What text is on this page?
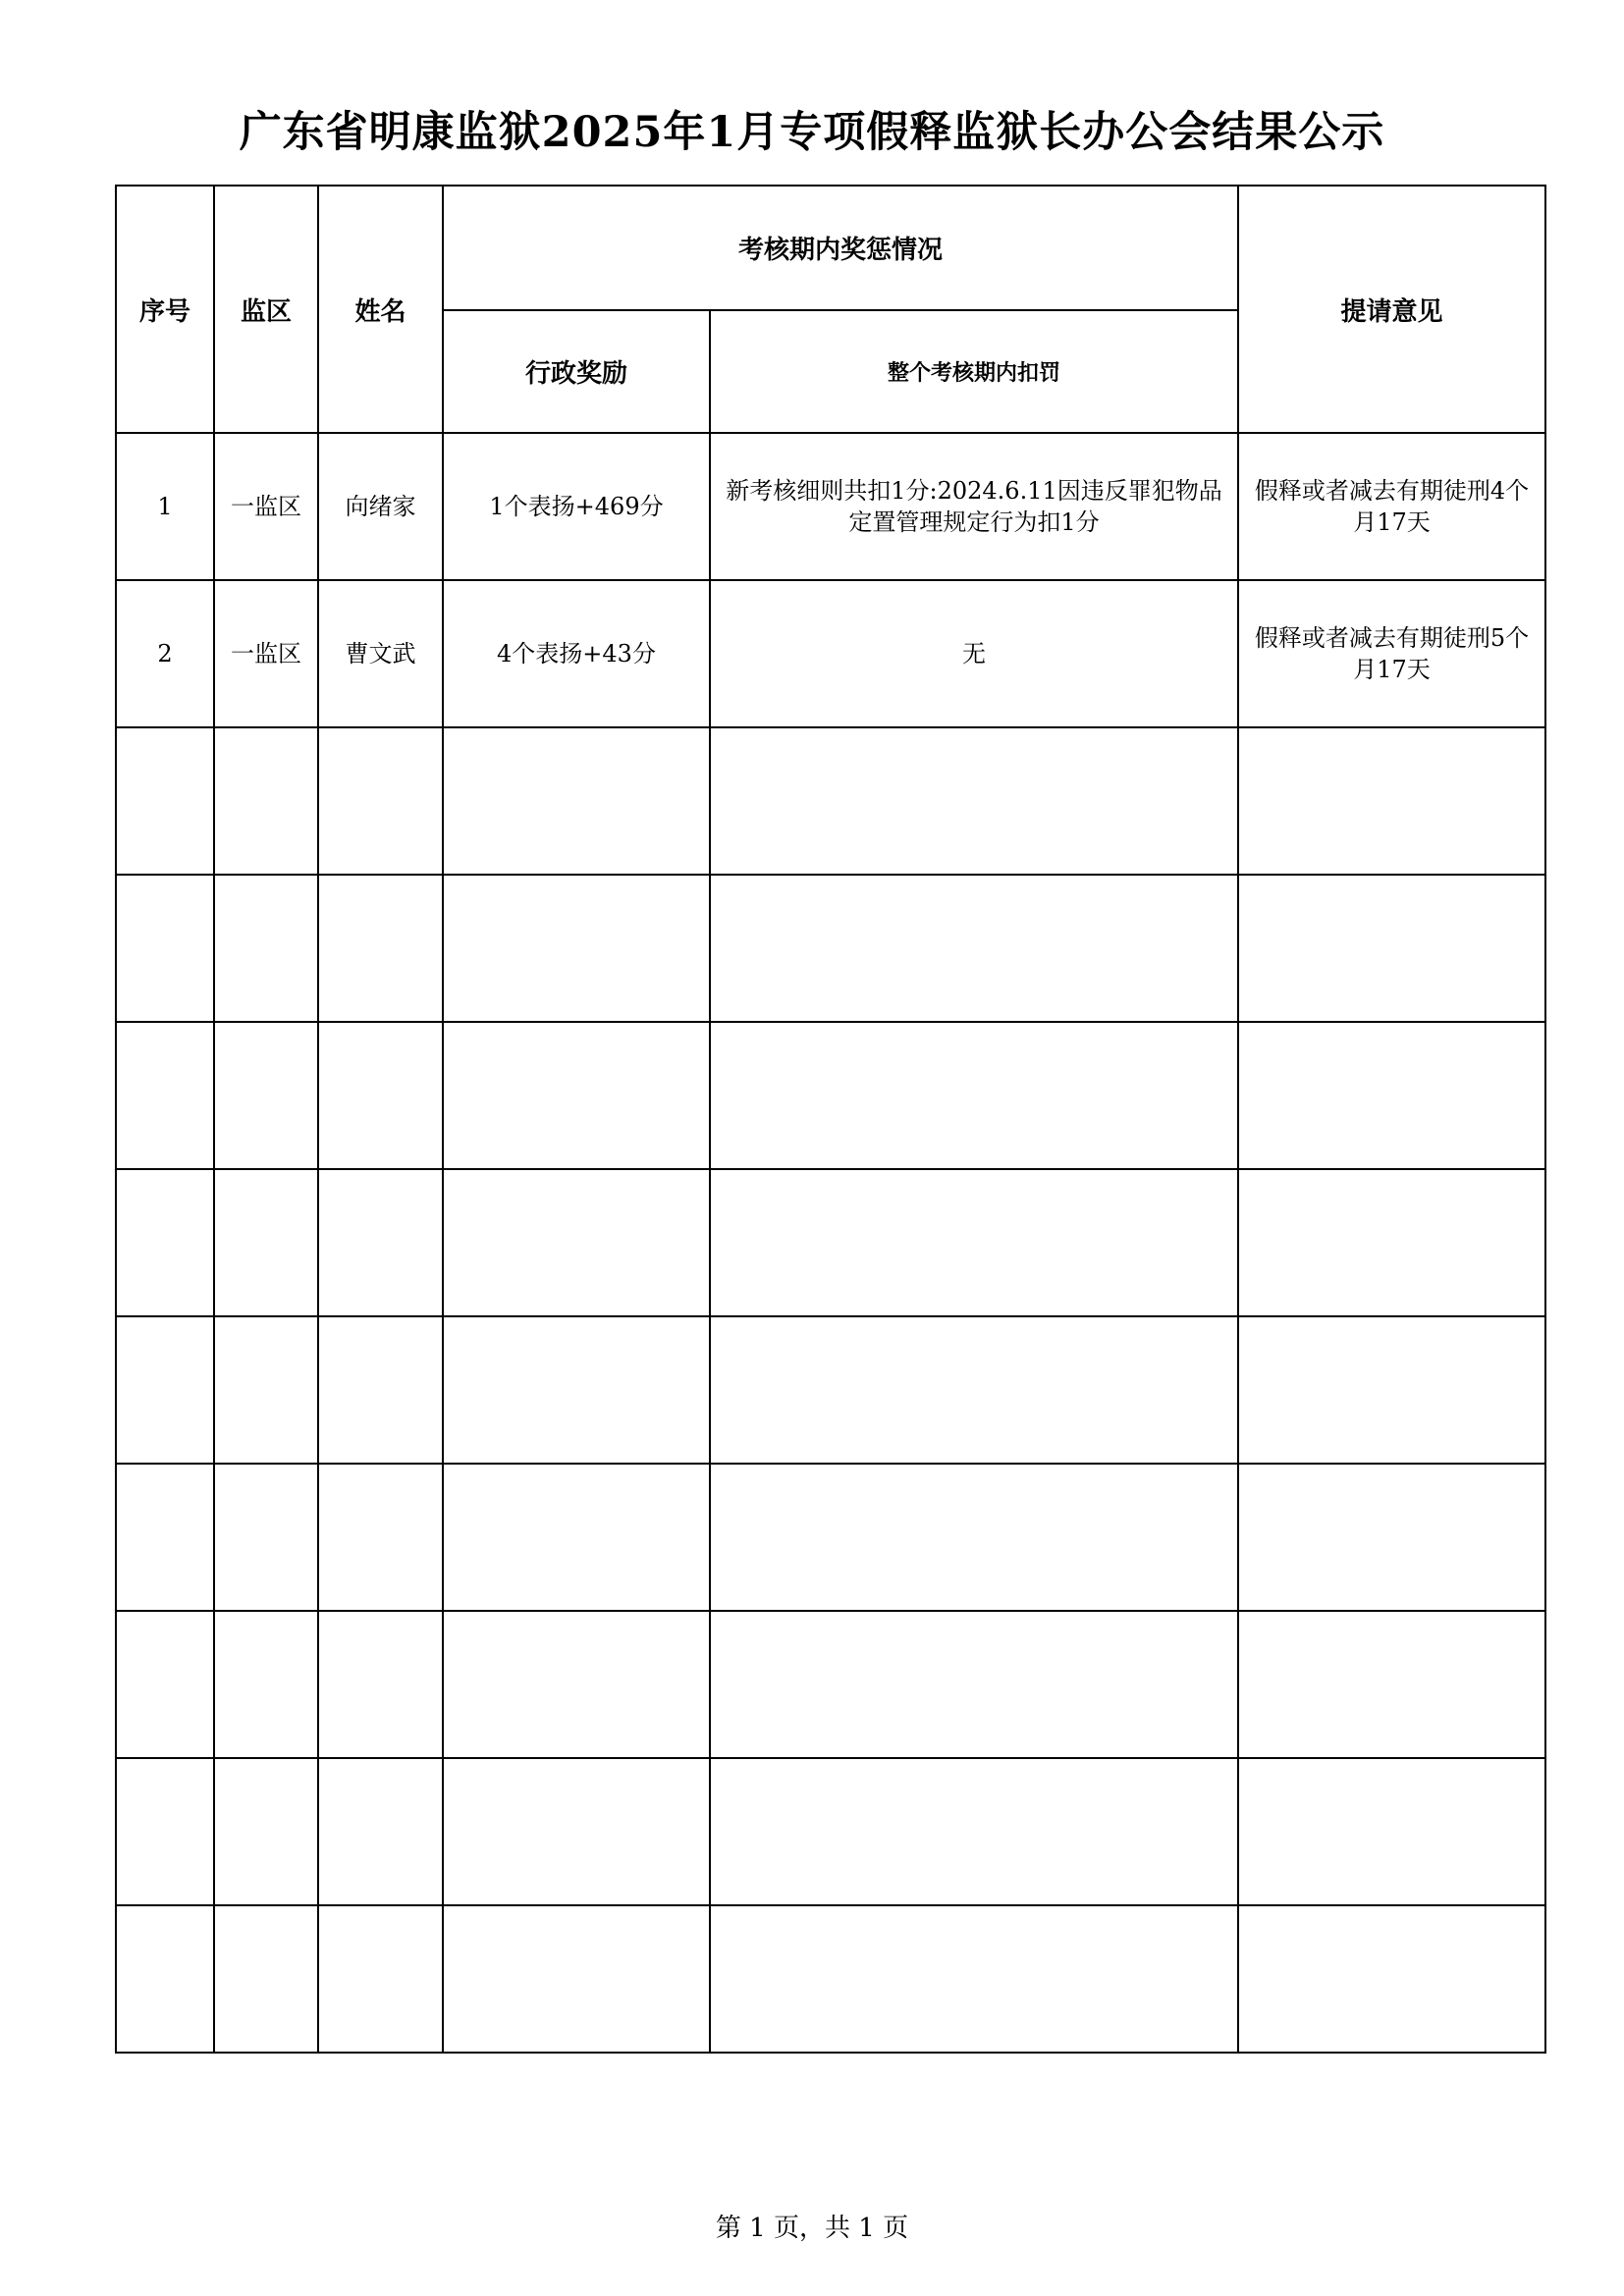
广东省明康监狱2025年1月专项假释监狱长办公会结果公示
序号	监区	姓名	考核期内奖惩情况		提请意见
			行政奖励	整个考核期内扣罚	
1	一监区	向绪家	1个表扬+469分	新考核细则共扣1分:2024.6.11因违反罪犯物品定置管理规定行为扣1分	假释或者减去有期徒刑4个月17天
2	一监区	曹文武	4个表扬+43分	无	假释或者减去有期徒刑5个月17天

第 1 页，共 1 页
